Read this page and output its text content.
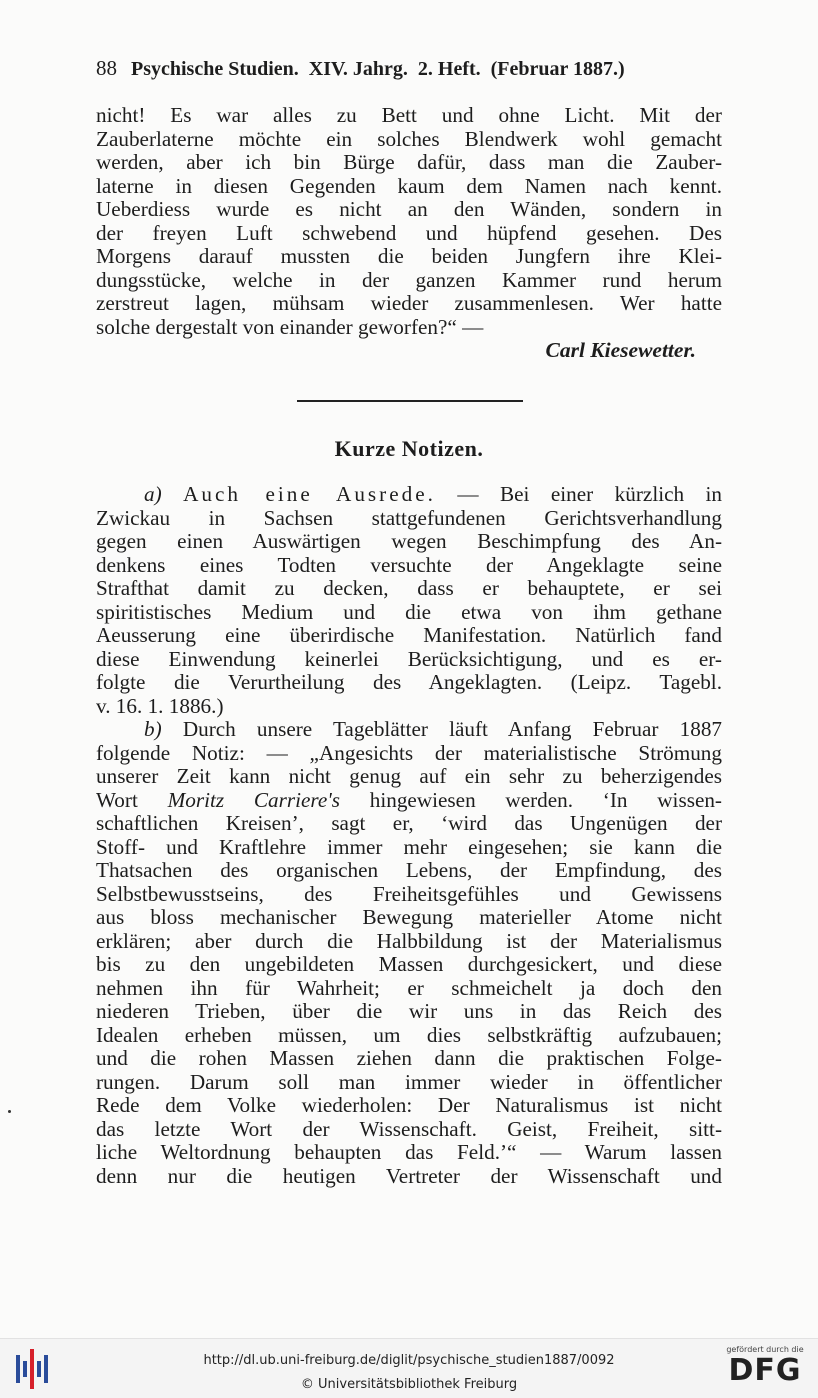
88 Psychische Studien.  XIV. Jahrg.  2. Heft.  (Februar 1887.)
nicht! Es war alles zu Bett und ohne Licht. Mit der
Zauberlaterne möchte ein solches Blendwerk wohl gemacht
werden, aber ich bin Bürge dafür, dass man die Zauber-
laterne in diesen Gegenden kaum dem Namen nach kennt.
Ueberdiess wurde es nicht an den Wänden, sondern in
der freyen Luft schwebend und hüpfend gesehen. Des
Morgens darauf mussten die beiden Jungfern ihre Klei-
dungsstücke, welche in der ganzen Kammer rund herum
zerstreut lagen, mühsam wieder zusammenlesen. Wer hatte
solche dergestalt von einander geworfen?“ —
Carl Kiesewetter.
Kurze Notizen.
a) Auch eine Ausrede. — Bei einer kürzlich in
Zwickau in Sachsen stattgefundenen Gerichtsverhandlung
gegen einen Auswärtigen wegen Beschimpfung des An-
denkens eines Todten versuchte der Angeklagte seine
Strafthat damit zu decken, dass er behauptete, er sei
spiritistisches Medium und die etwa von ihm gethane
Aeusserung eine überirdische Manifestation. Natürlich fand
diese Einwendung keinerlei Berücksichtigung, und es er-
folgte die Verurtheilung des Angeklagten. (Leipz. Tagebl.
v. 16. 1. 1886.)
b) Durch unsere Tageblätter läuft Anfang Februar 1887
folgende Notiz: — „Angesichts der materialistische Strömung
unserer Zeit kann nicht genug auf ein sehr zu beherzigendes
Wort Moritz Carriere's hingewiesen werden. ‘In wissen-
schaftlichen Kreisen’, sagt er, ‘wird das Ungenügen der
Stoff- und Kraftlehre immer mehr eingesehen; sie kann die
Thatsachen des organischen Lebens, der Empfindung, des
Selbstbewusstseins, des Freiheitsgefühles und Gewissens
aus bloss mechanischer Bewegung materieller Atome nicht
erklären; aber durch die Halbbildung ist der Materialismus
bis zu den ungebildeten Massen durchgesickert, und diese
nehmen ihn für Wahrheit; er schmeichelt ja doch den
niederen Trieben, über die wir uns in das Reich des
Idealen erheben müssen, um dies selbstkräftig aufzubauen;
und die rohen Massen ziehen dann die praktischen Folge-
rungen. Darum soll man immer wieder in öffentlicher
Rede dem Volke wiederholen: Der Naturalismus ist nicht
das letzte Wort der Wissenschaft. Geist, Freiheit, sitt-
liche Weltordnung behaupten das Feld.’“ — Warum lassen
denn nur die heutigen Vertreter der Wissenschaft und
http://dl.ub.uni-freiburg.de/diglit/psychische_studien1887/0092
© Universitätsbibliothek Freiburg
gefördert durch die
DFG
